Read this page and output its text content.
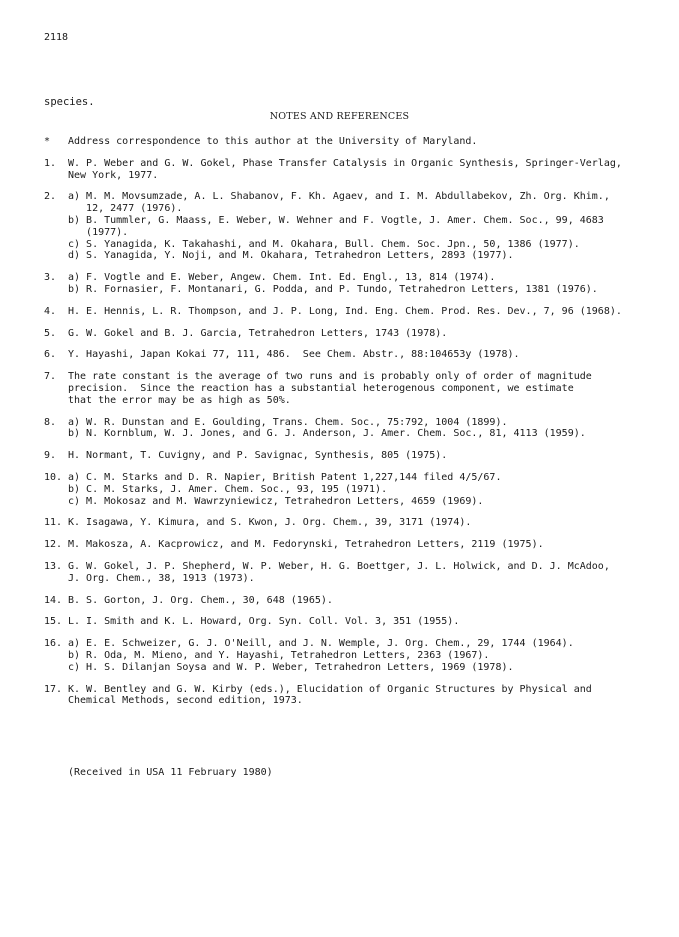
2118
species.
NOTES AND REFERENCES
*	Address correspondence to this author at the University of Maryland.
1.	W. P. Weber and G. W. Gokel, Phase Transfer Catalysis in Organic Synthesis, Springer-Verlag,
New York, 1977.
2.	a) M. M. Movsumzade, A. L. Shabanov, F. Kh. Agaev, and I. M. Abdullabekov, Zh. Org. Khim.,
12, 2477 (1976).
b) B. Tummler, G. Maass, E. Weber, W. Wehner and F. Vogtle, J. Amer. Chem. Soc., 99, 4683
(1977).
c) S. Yanagida, K. Takahashi, and M. Okahara, Bull. Chem. Soc. Jpn., 50, 1386 (1977).
d) S. Yanagida, Y. Noji, and M. Okahara, Tetrahedron Letters, 2893 (1977).
3.	a) F. Vogtle and E. Weber, Angew. Chem. Int. Ed. Engl., 13, 814 (1974).
b) R. Fornasier, F. Montanari, G. Podda, and P. Tundo, Tetrahedron Letters, 1381 (1976).
4.	H. E. Hennis, L. R. Thompson, and J. P. Long, Ind. Eng. Chem. Prod. Res. Dev., 7, 96 (1968).
5.	G. W. Gokel and B. J. Garcia, Tetrahedron Letters, 1743 (1978).
6.	Y. Hayashi, Japan Kokai 77, 111, 486.  See Chem. Abstr., 88:104653y (1978).
7.	The rate constant is the average of two runs and is probably only of order of magnitude
precision.  Since the reaction has a substantial heterogenous component, we estimate
that the error may be as high as 50%.
8.	a) W. R. Dunstan and E. Goulding, Trans. Chem. Soc., 75:792, 1004 (1899).
b) N. Kornblum, W. J. Jones, and G. J. Anderson, J. Amer. Chem. Soc., 81, 4113 (1959).
9.	H. Normant, T. Cuvigny, and P. Savignac, Synthesis, 805 (1975).
10. a) C. M. Starks and D. R. Napier, British Patent 1,227,144 filed 4/5/67.
b) C. M. Starks, J. Amer. Chem. Soc., 93, 195 (1971).
c) M. Mokosaz and M. Wawrzyniewicz, Tetrahedron Letters, 4659 (1969).
11. K. Isagawa, Y. Kimura, and S. Kwon, J. Org. Chem., 39, 3171 (1974).
12. M. Makosza, A. Kacprowicz, and M. Fedorynski, Tetrahedron Letters, 2119 (1975).
13. G. W. Gokel, J. P. Shepherd, W. P. Weber, H. G. Boettger, J. L. Holwick, and D. J. McAdoo,
J. Org. Chem., 38, 1913 (1973).
14. B. S. Gorton, J. Org. Chem., 30, 648 (1965).
15. L. I. Smith and K. L. Howard, Org. Syn. Coll. Vol. 3, 351 (1955).
16. a) E. E. Schweizer, G. J. O'Neill, and J. N. Wemple, J. Org. Chem., 29, 1744 (1964).
b) R. Oda, M. Mieno, and Y. Hayashi, Tetrahedron Letters, 2363 (1967).
c) H. S. Dilanjan Soysa and W. P. Weber, Tetrahedron Letters, 1969 (1978).
17. K. W. Bentley and G. W. Kirby (eds.), Elucidation of Organic Structures by Physical and
Chemical Methods, second edition, 1973.
(Received in USA 11 February 1980)
